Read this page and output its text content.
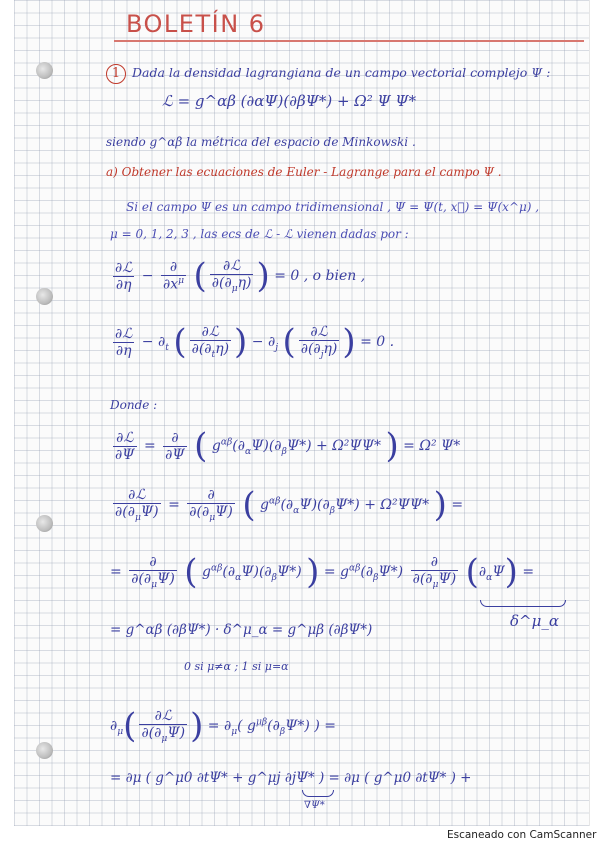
BOLETÍN 6
1 Dada la densidad lagrangiana de un campo vectorial complejo Ψ :
ℒ = g^αβ (∂αΨ)(∂βΨ*) + Ω² Ψ Ψ*
siendo g^αβ la métrica del espacio de Minkowski .
a) Obtener las ecuaciones de Euler - Lagrange para el campo Ψ .
Si el campo Ψ es un campo tridimensional , Ψ = Ψ(t, x⃗) = Ψ(x^μ) ,
μ = 0, 1, 2, 3 , las ecs de ℒ - ℒ vienen dadas por :
$\frac{\text{∂ℒ}}{\partial\eta} - \frac{\partial}{\partial x^\mu}$ ( $\frac{\text{∂ℒ}}{\partial(\partial_\mu\eta)}$ ) = 0 , o bien ,
$\frac{\text{∂ℒ}}{\partial\eta} - \partial_t$ ( $\frac{\text{∂ℒ}}{\partial(\partial_t\eta)}$ ) − $\partial_j$ ( $\frac{\text{∂ℒ}}{\partial(\partial_j\eta)}$ ) = 0 .
Donde :
$\frac{\text{∂ℒ}}{\partial\Psi} = \frac{\partial}{\partial\Psi}$ ( $g^{\alpha\beta}(\partial_\alpha\Psi)(\partial_\beta\Psi*) + \Omega^2\Psi\Psi*$ ) = Ω² Ψ*
$\frac{\text{∂ℒ}}{\partial(\partial_\mu\Psi)} = \frac{\partial}{\partial(\partial_\mu\Psi)}$ ( $g^{\alpha\beta}(\partial_\alpha\Psi)(\partial_\beta\Psi*) + \Omega^2\Psi\Psi*$ ) =
= $\frac{\partial}{\partial(\partial_\mu\Psi)}$ ( $g^{\alpha\beta}(\partial_\alpha\Psi)(\partial_\beta\Psi*)$ ) = $g^{\alpha\beta}(\partial_\beta\Psi*) \frac{\partial}{\partial(\partial_\mu\Psi)} (\partial_\alpha\Psi)$ =
δ^μ_α
= g^αβ (∂βΨ*) · δ^μ_α = g^μβ (∂βΨ*)
0 si μ≠α ; 1 si μ=α
$\partial_\mu( \frac{\text{∂ℒ}}{\partial(\partial_\mu\Psi)}$ ) = $\partial_\mu$( $g^{\mu\beta}(\partial_\beta\Psi*)$ ) =
= ∂μ ( g^μ0 ∂tΨ* + g^μj ∂jΨ* ) = ∂μ ( g^μ0 ∂tΨ* ) +
∇Ψ*
Escaneado con CamScanner
